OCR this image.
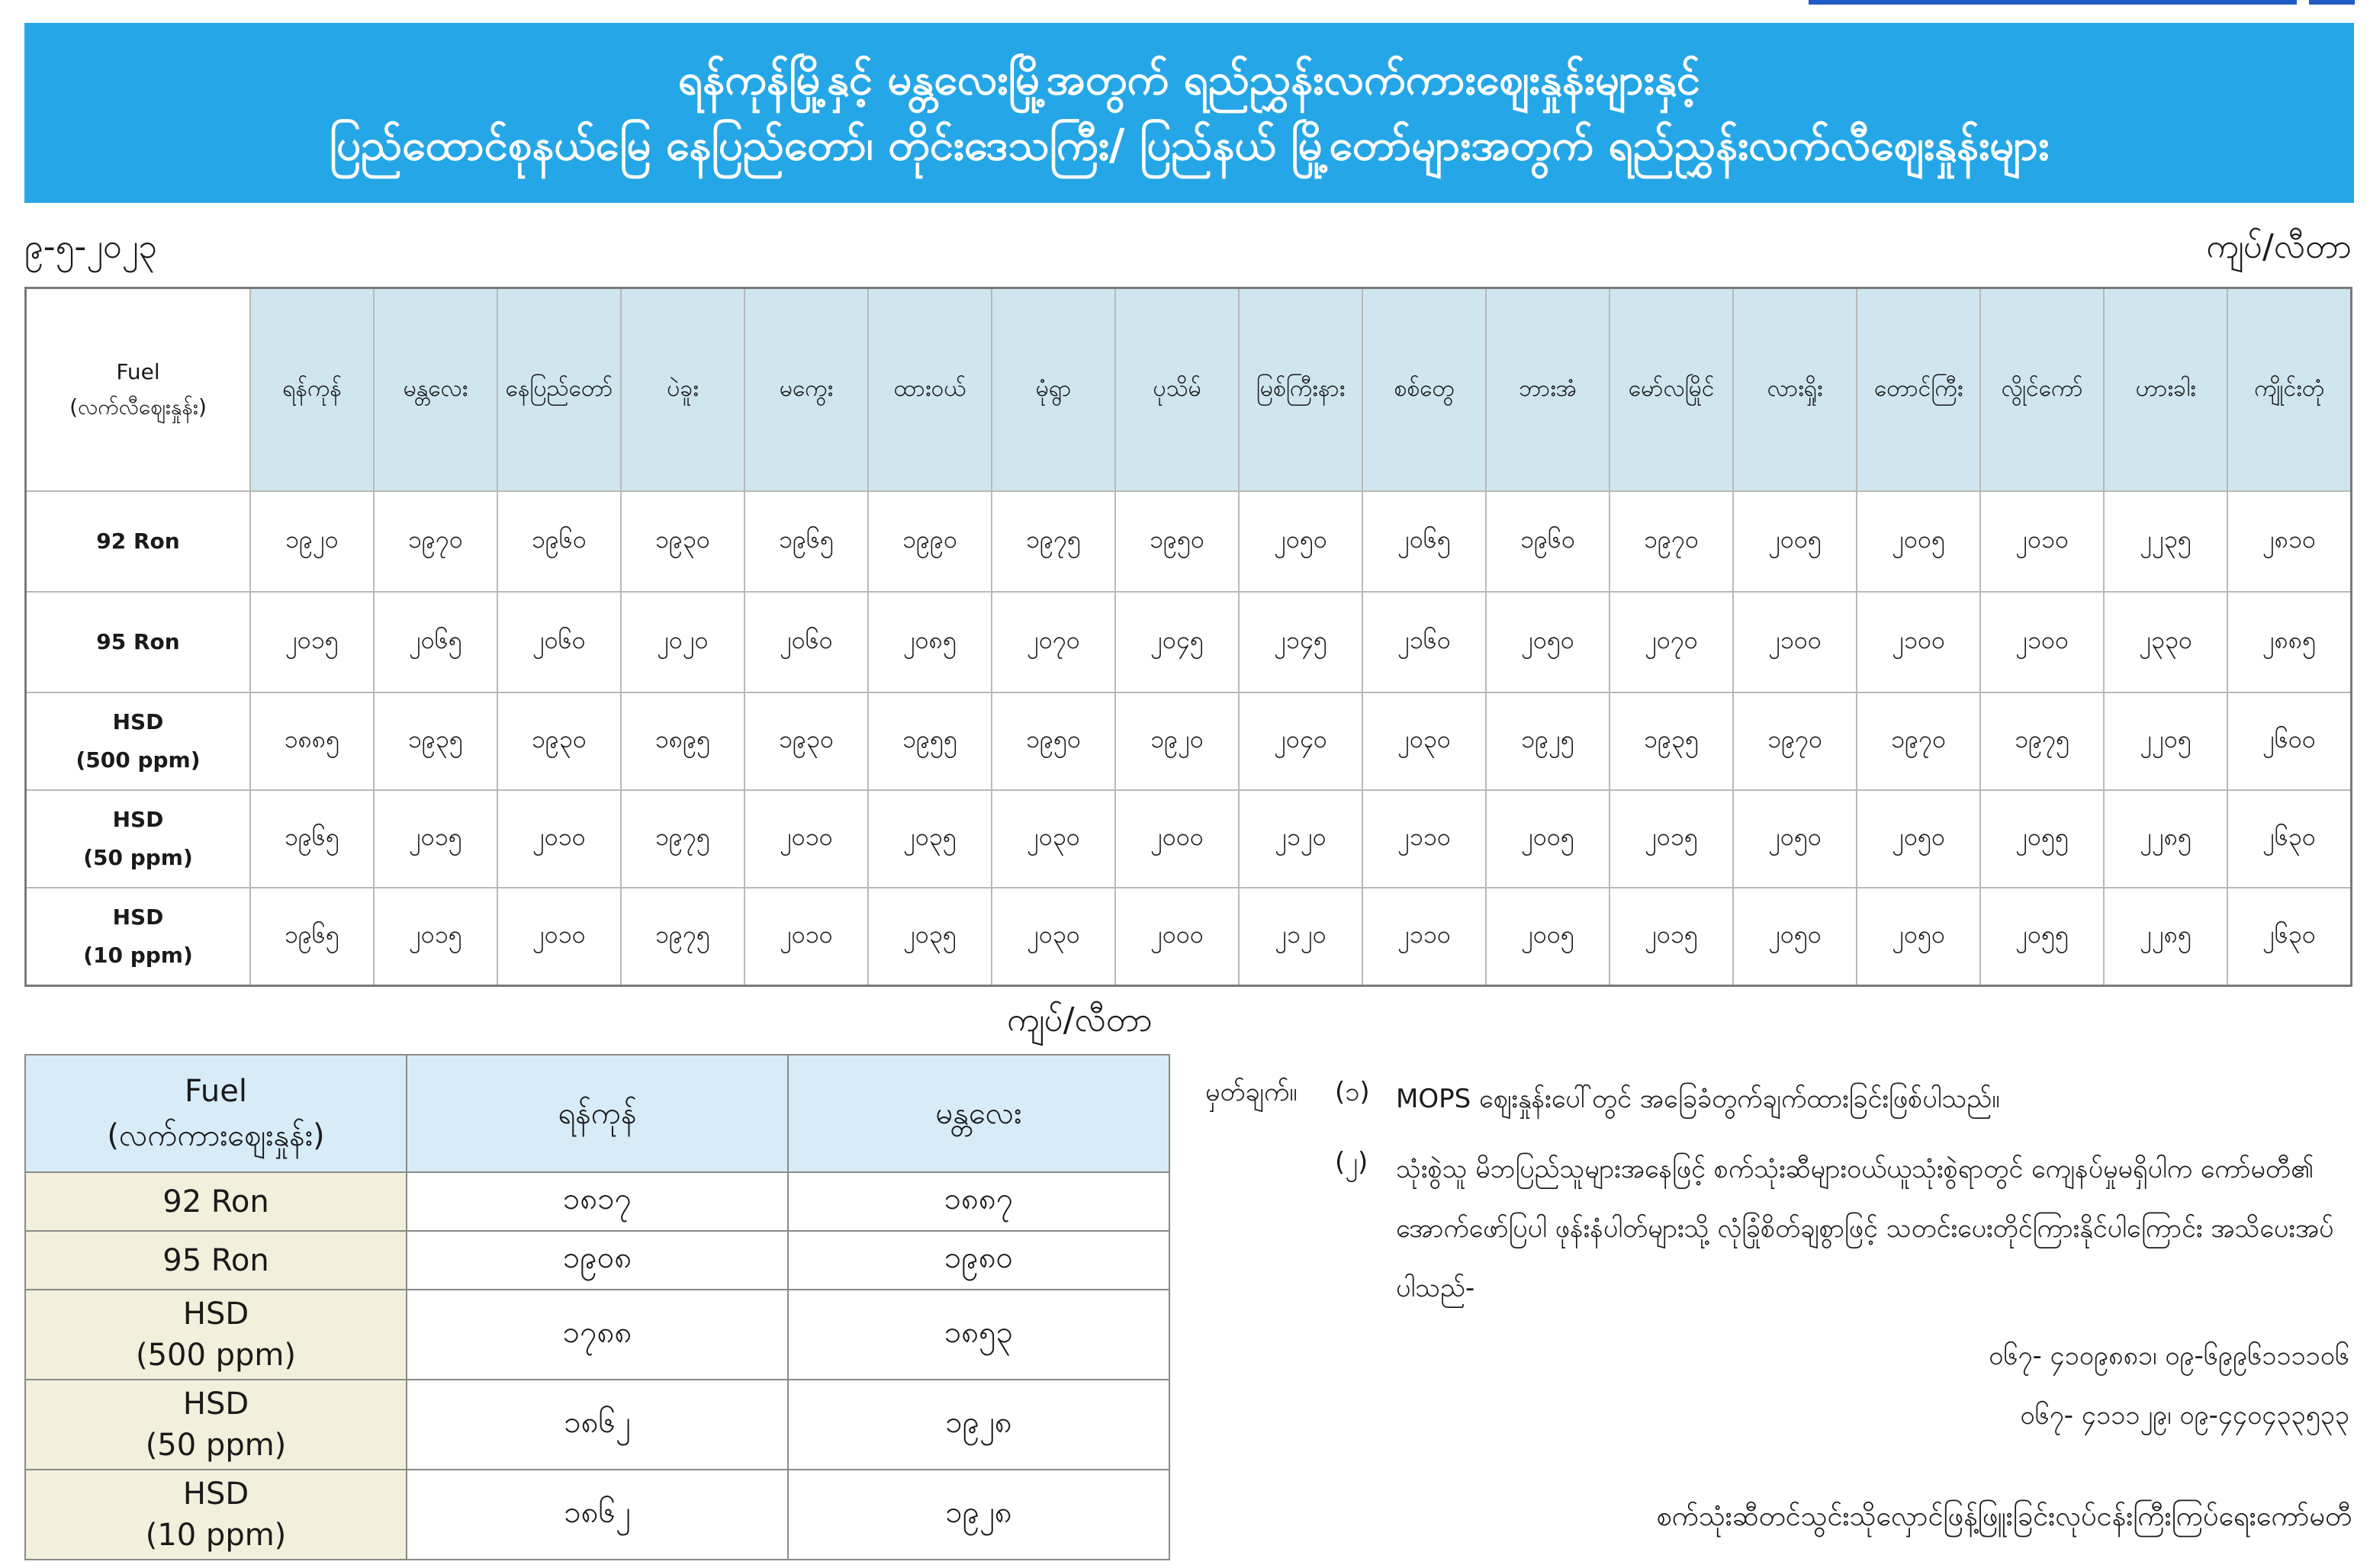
ရန်ကုန်မြို့နှင့် မန္တလေးမြို့အတွက် ရည်ညွှန်းလက်ကားဈေးနှုန်းများနှင့်
ပြည်ထောင်စုနယ်မြေ နေပြည်တော်၊ တိုင်းဒေသကြီး/ ပြည်နယ် မြို့တော်များအတွက် ရည်ညွှန်းလက်လီဈေးနှုန်းများ
၉-၅-၂၀၂၃	ကျပ်/လီတာ
Fuel
(လက်လီဈေးနှုန်း)	ရန်ကုန်	မန္တလေး	နေပြည်တော်	ပဲခူး	မကွေး	ထားဝယ်	မုံရွာ	ပုသိမ်	မြစ်ကြီးနား	စစ်တွေ	ဘားအံ	မော်လမြိုင်	လားရှိုး	တောင်ကြီး	လွိုင်ကော်	ဟားခါး	ကျိုင်းတုံ
92 Ron	၁၉၂၀	၁၉၇၀	၁၉၆၀	၁၉၃၀	၁၉၆၅	၁၉၉၀	၁၉၇၅	၁၉၅၀	၂၀၅၀	၂၀၆၅	၁၉၆၀	၁၉၇၀	၂၀၀၅	၂၀၀၅	၂၀၁၀	၂၂၃၅	၂၈၁၀
95 Ron	၂၀၁၅	၂၀၆၅	၂၀၆၀	၂၀၂၀	၂၀၆၀	၂၀၈၅	၂၀၇၀	၂၀၄၅	၂၁၄၅	၂၁၆၀	၂၀၅၀	၂၀၇၀	၂၁၀၀	၂၁၀၀	၂၁၀၀	၂၃၃၀	၂၈၈၅
HSD
(500 ppm)	၁၈၈၅	၁၉၃၅	၁၉၃၀	၁၈၉၅	၁၉၃၀	၁၉၅၅	၁၉၅၀	၁၉၂၀	၂၀၄၀	၂၀၃၀	၁၉၂၅	၁၉၃၅	၁၉၇၀	၁၉၇၀	၁၉၇၅	၂၂၀၅	၂၆၀၀
HSD
(50 ppm)	၁၉၆၅	၂၀၁၅	၂၀၁၀	၁၉၇၅	၂၀၁၀	၂၀၃၅	၂၀၃၀	၂၀၀၀	၂၁၂၀	၂၁၁၀	၂၀၀၅	၂၀၁၅	၂၀၅၀	၂၀၅၀	၂၀၅၅	၂၂၈၅	၂၆၃၀
HSD
(10 ppm)	၁၉၆၅	၂၀၁၅	၂၀၁၀	၁၉၇၅	၂၀၁၀	၂၀၃၅	၂၀၃၀	၂၀၀၀	၂၁၂၀	၂၁၁၀	၂၀၀၅	၂၀၁၅	၂၀၅၀	၂၀၅၀	၂၀၅၅	၂၂၈၅	၂၆၃၀
ကျပ်/လီတာ
Fuel
(လက်ကားဈေးနှုန်း)	ရန်ကုန်	မန္တလေး
92 Ron	၁၈၁၇	၁၈၈၇
95 Ron	၁၉၀၈	၁၉၈၀
HSD
(500 ppm)	၁၇၈၈	၁၈၅၃
HSD
(50 ppm)	၁၈၆၂	၁၉၂၈
HSD
(10 ppm)	၁၈၆၂	၁၉၂၈
မှတ်ချက်။	(၁)	MOPS ဈေးနှုန်းပေါ်တွင် အခြေခံတွက်ချက်ထားခြင်းဖြစ်ပါသည်။
(၂)	သုံးစွဲသူ မိဘပြည်သူများအနေဖြင့် စက်သုံးဆီများဝယ်ယူသုံးစွဲရာတွင် ကျေနပ်မှုမရှိပါက ကော်မတီ၏ အောက်ဖော်ပြပါ ဖုန်းနံပါတ်များသို့ လုံခြုံစိတ်ချစွာဖြင့် သတင်းပေးတိုင်ကြားနိုင်ပါကြောင်း အသိပေးအပ်ပါသည်-
၀၆၇- ၄၁၀၉၈၈၁၊ ၀၉-၆၉၉၆၁၁၁၁၀၆
၀၆၇- ၄၁၁၁၂၉၊ ၀၉-၄၄၀၄၃၃၅၃၃
စက်သုံးဆီတင်သွင်းသိုလှောင်ဖြန့်ဖြူးခြင်းလုပ်ငန်းကြီးကြပ်ရေးကော်မတီ
